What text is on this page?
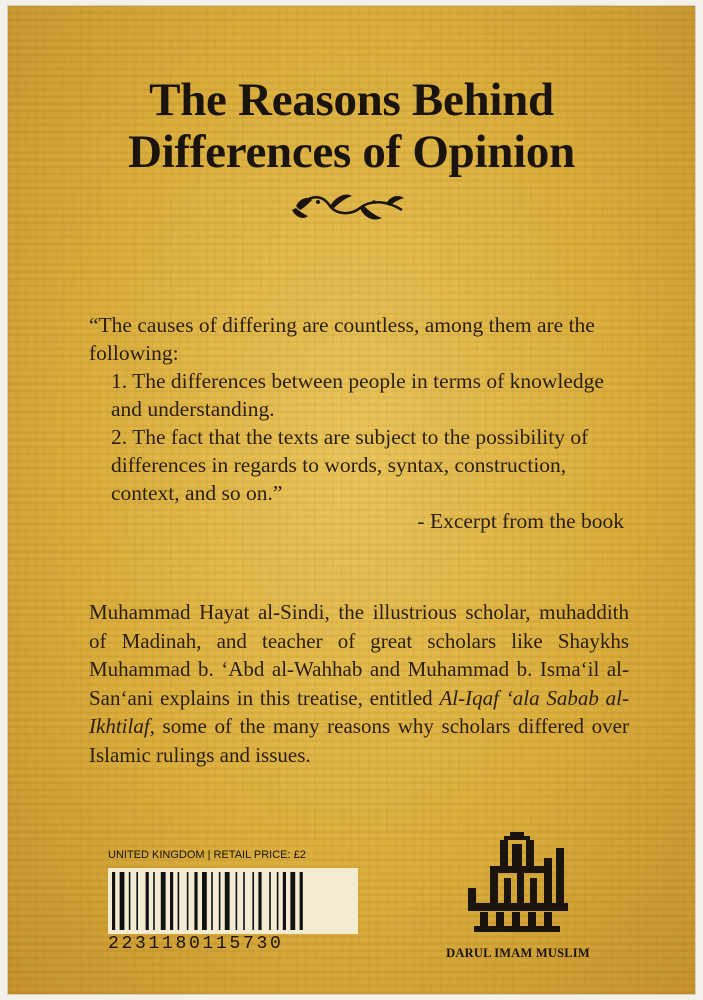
The Reasons Behind
Differences of Opinion

“The causes of differing are countless, among them are the following:

1. The differences between people in terms of knowledge and understanding.

2. The fact that the texts are subject to the possibility of differences in regards to words, syntax, construction, context, and so on.”

- Excerpt from the book

Muhammad Hayat al-Sindi, the illustrious scholar, muhaddith of Madinah, and teacher of great scholars like Shaykhs Muhammad b. ‘Abd al-Wahhab and Muhammad b. Isma‘il al-San‘ani explains in this treatise, entitled Al-Iqaf ‘ala Sabab al-Ikhtilaf, some of the many reasons why scholars differed over Islamic rulings and issues.

UNITED KINGDOM | RETAIL PRICE: £2
2231180115730	DARUL IMAM MUSLIM
